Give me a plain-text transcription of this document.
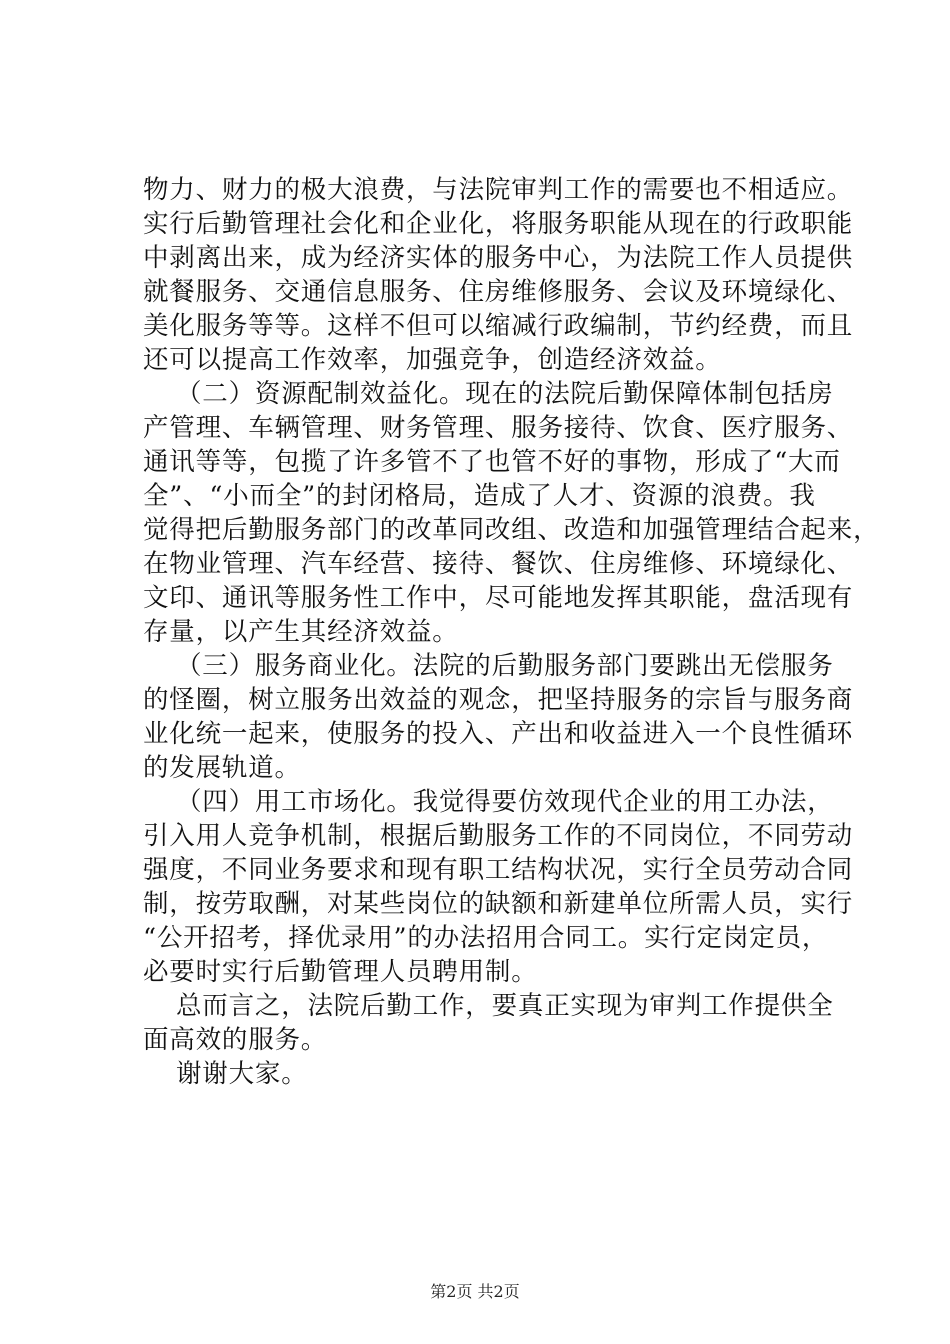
物力、财力的极大浪费，与法院审判工作的需要也不相适应。
实行后勤管理社会化和企业化，将服务职能从现在的行政职能
中剥离出来，成为经济实体的服务中心，为法院工作人员提供
就餐服务、交通信息服务、住房维修服务、会议及环境绿化、
美化服务等等。这样不但可以缩减行政编制，节约经费，而且
还可以提高工作效率，加强竞争，创造经济效益。
（二）资源配制效益化。现在的法院后勤保障体制包括房
产管理、车辆管理、财务管理、服务接待、饮食、医疗服务、
通讯等等，包揽了许多管不了也管不好的事物，形成了“大而
全”、“小而全”的封闭格局，造成了人才、资源的浪费。我
觉得把后勤服务部门的改革同改组、改造和加强管理结合起来，
在物业管理、汽车经营、接待、餐饮、住房维修、环境绿化、
文印、通讯等服务性工作中，尽可能地发挥其职能，盘活现有
存量，以产生其经济效益。
（三）服务商业化。法院的后勤服务部门要跳出无偿服务
的怪圈，树立服务出效益的观念，把坚持服务的宗旨与服务商
业化统一起来，使服务的投入、产出和收益进入一个良性循环
的发展轨道。
（四）用工市场化。我觉得要仿效现代企业的用工办法，
引入用人竞争机制，根据后勤服务工作的不同岗位，不同劳动
强度，不同业务要求和现有职工结构状况，实行全员劳动合同
制，按劳取酬，对某些岗位的缺额和新建单位所需人员，实行
“公开招考，择优录用”的办法招用合同工。实行定岗定员，
必要时实行后勤管理人员聘用制。
总而言之，法院后勤工作，要真正实现为审判工作提供全
面高效的服务。
谢谢大家。
第2页 共2页
